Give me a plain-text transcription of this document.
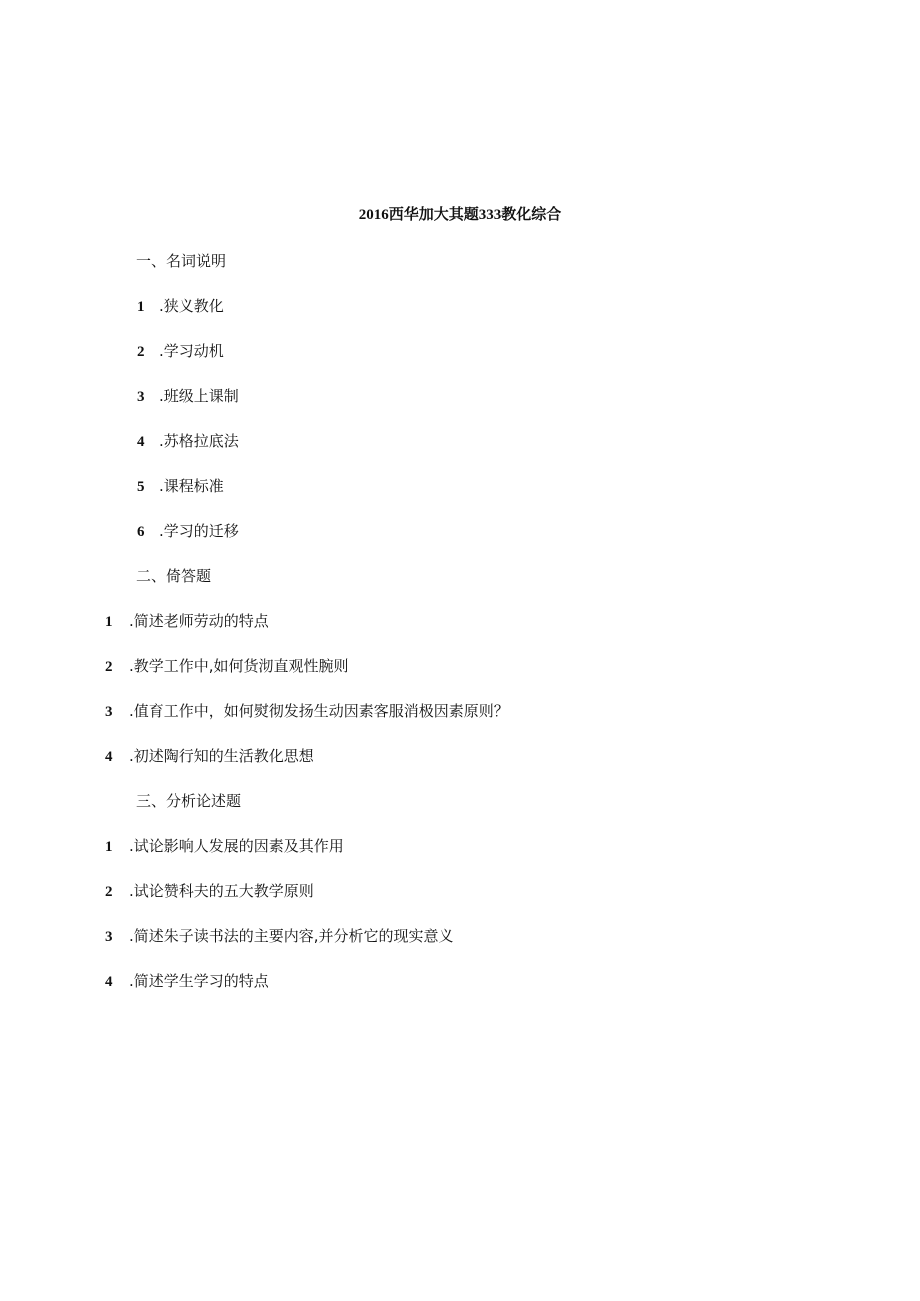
2016西华加大其题333教化综合
一、名词说明
1 .狭义教化
2 .学习动机
3 .班级上课制
4 .苏格拉底法
5 .课程标准
6 .学习的迁移
二、倚答题
1 .简述老师劳动的特点
2 .教学工作中,如何货沏直观性腕则
3 .值育工作中，如何熨彻发扬生动因素客服消极因素原则？
4 .初述陶行知的生活教化思想
三、分析论述题
1 .试论影响人发展的因素及其作用
2 .试论赞科夫的五大教学原则
3 .简述朱子读书法的主要内容,并分析它的现实意义
4 .简述学生学习的特点
